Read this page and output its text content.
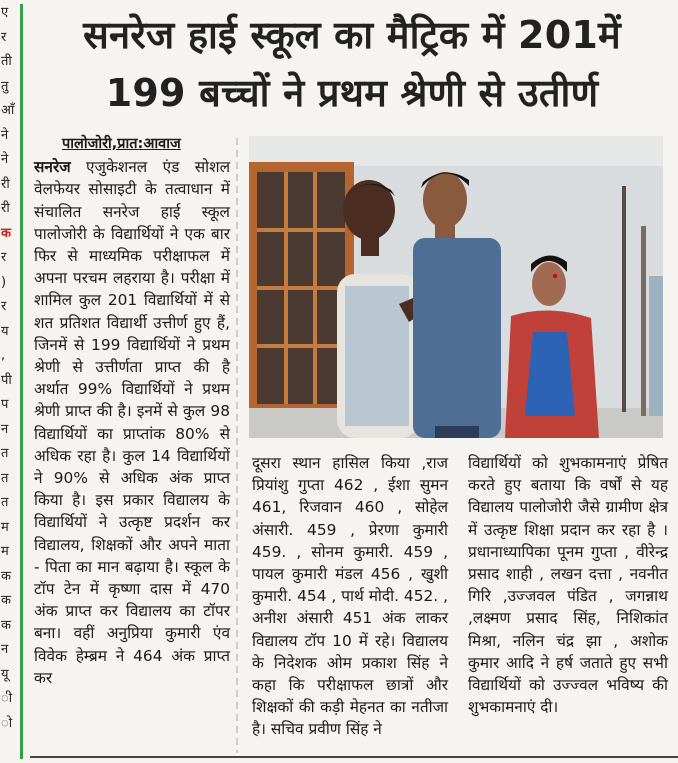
ए
र
ती
तु
आँ
ने
ने
री
री
क
र
)
र
य
,
पी
प
न
त
त
त
म
म
क
क
क
न
यू
ी
ो
सनरेज हाई स्कूल का मैट्रिक में 201में
199 बच्चों ने प्रथम श्रेणी से उतीर्ण
पालोजोरी,प्रात:आवाज

सनरेज एजुकेशनल एंड सोशल वेलफेयर सोसाइटी के तत्वाधान में संचालित सनरेज हाई स्कूल पालोजोरी के विद्यार्थियों ने एक बार फिर से माध्यमिक परीक्षाफल में अपना परचम लहराया है। परीक्षा में शामिल कुल 201 विद्यार्थियों में से शत प्रतिशत विद्यार्थी उत्तीर्ण हुए हैं, जिनमें से 199 विद्यार्थियों ने प्रथम श्रेणी से उत्तीर्णता प्राप्त की है अर्थात 99% विद्यार्थियों ने प्रथम श्रेणी प्राप्त की है। इनमें से कुल 98 विद्यार्थियों का प्राप्तांक 80% से अधिक रहा है। कुल 14 विद्यार्थियों ने 90% से अधिक अंक प्राप्त किया है। इस प्रकार विद्यालय के विद्यार्थियों ने उत्कृष्ट प्रदर्शन कर विद्यालय, शिक्षकों और अपने माता - पिता का मान बढ़ाया है। स्कूल के टॉप टेन में कृष्णा दास में 470 अंक प्राप्त कर विद्यालय का टॉपर बना। वहीं अनुप्रिया कुमारी एंव विवेक हेम्ब्रम ने 464 अंक प्राप्त कर

दूसरा स्थान हासिल किया ,राज प्रियांशु गुप्ता 462 , ईशा सुमन 461, रिजवान 460 , सोहेल अंसारी. 459 , प्रेरणा कुमारी 459. , सोनम कुमारी. 459 , पायल कुमारी मंडल 456 , खुशी कुमारी. 454 , पार्थ मोदी. 452. , अनीश अंसारी 451 अंक लाकर विद्यालय टॉप 10 में रहे। विद्यालय के निदेशक ओम प्रकाश सिंह ने कहा कि परीक्षाफल छात्रों और शिक्षकों की कड़ी मेहनत का नतीजा है। सचिव प्रवीण सिंह ने

विद्यार्थियों को शुभकामनाएं प्रेषित करते हुए बताया कि वर्षों से यह विद्यालय पालोजोरी जैसे ग्रामीण क्षेत्र में उत्कृष्ट शिक्षा प्रदान कर रहा है । प्रधानाध्यापिका पूनम गुप्ता , वीरेन्द्र प्रसाद शाही , लखन दत्ता , नवनीत गिरि ,उज्जवल पंडित , जगन्नाथ ,लक्ष्मण प्रसाद सिंह, निशिकांत मिश्रा, नलिन चंद्र झा , अशोक कुमार आदि ने हर्ष जताते हुए सभी विद्यार्थियों को उज्ज्वल भविष्य की शुभकामनाएं दी।
